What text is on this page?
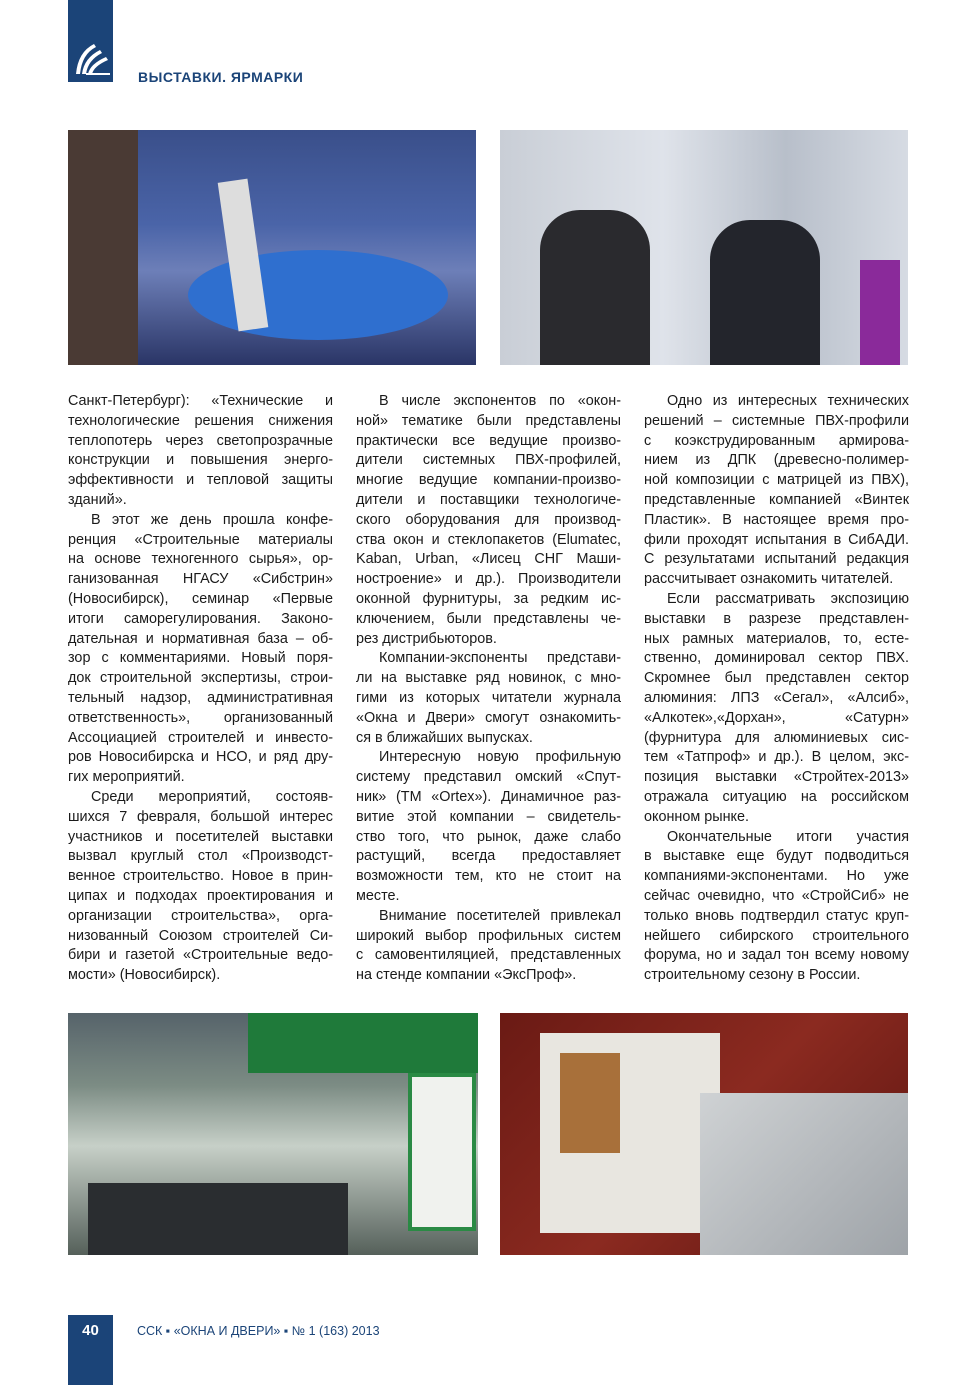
ВЫСТАВКИ. ЯРМАРКИ
Санкт-Петербург): «Технические и
технологические решения снижения
теплопотерь через светопрозрачные
конструкции и повышения энерго-
эффективности и тепловой защиты
зданий».
В этот же день прошла конфе-
ренция «Строительные материалы
на основе техногенного сырья», ор-
ганизованная НГАСУ «Сибстрин»
(Новосибирск), семинар «Первые
итоги саморегулирования. Законо-
дательная и нормативная база – об-
зор с комментариями. Новый поря-
док строительной экспертизы, строи-
тельный надзор, административная
ответственность», организованный
Ассоциацией строителей и инвесто-
ров Новосибирска и НСО, и ряд дру-
гих мероприятий.
Среди мероприятий, состояв-
шихся 7 февраля, большой интерес
участников и посетителей выставки
вызвал круглый стол «Производст-
венное строительство. Новое в прин-
ципах и подходах проектирования и
организации строительства», орга-
низованный Союзом строителей Си-
бири и газетой «Строительные ведо-
мости» (Новосибирск).
В числе экспонентов по «окон-
ной» тематике были представлены
практически все ведущие произво-
дители системных ПВХ-профилей,
многие ведущие компании-произво-
дители и поставщики технологиче-
ского оборудования для производ-
ства окон и стеклопакетов (Elumatec,
Kaban, Urban, «Лисец СНГ Маши-
ностроение» и др.). Производители
оконной фурнитуры, за редким ис-
ключением, были представлены че-
рез дистрибьюторов.
Компании-экспоненты представи-
ли на выставке ряд новинок, с мно-
гими из которых читатели журнала
«Окна и Двери» смогут ознакомить-
ся в ближайших выпусках.
Интересную новую профильную
систему представил омский «Спут-
ник» (ТМ «Ortex»). Динамичное раз-
витие этой компании – свидетель-
ство того, что рынок, даже слабо
растущий, всегда предоставляет
возможности тем, кто не стоит на
месте.
Внимание посетителей привлекал
широкий выбор профильных систем
с самовентиляцией, представленных
на стенде компании «ЭксПроф».
Одно из интересных технических
решений – системные ПВХ-профили
с коэкструдированным армирова-
нием из ДПК (древесно-полимер-
ной композиции с матрицей из ПВХ),
представленные компанией «Винтек
Пластик». В настоящее время про-
фили проходят испытания в СибАДИ.
С результатами испытаний редакция
рассчитывает ознакомить читателей.
Если рассматривать экспозицию
выставки в разрезе представлен-
ных рамных материалов, то, есте-
ственно, доминировал сектор ПВХ.
Скромнее был представлен сектор
алюминия: ЛПЗ «Сегал», «Алсиб»,
«Алкотек»,«Дорхан», «Сатурн»
(фурнитура для алюминиевых сис-
тем «Татпроф» и др.). В целом, экс-
позиция выставки «Стройтех-2013»
отражала ситуацию на российском
оконном рынке.
Окончательные итоги участия
в выставке еще будут подводиться
компаниями-экспонентами. Но уже
сейчас очевидно, что «СтройСиб» не
только вновь подтвердил статус круп-
нейшего сибирского строительного
форума, но и задал тон всему новому
строительному сезону в России.
40	ССК ▪ «ОКНА И ДВЕРИ» ▪ № 1 (163) 2013
